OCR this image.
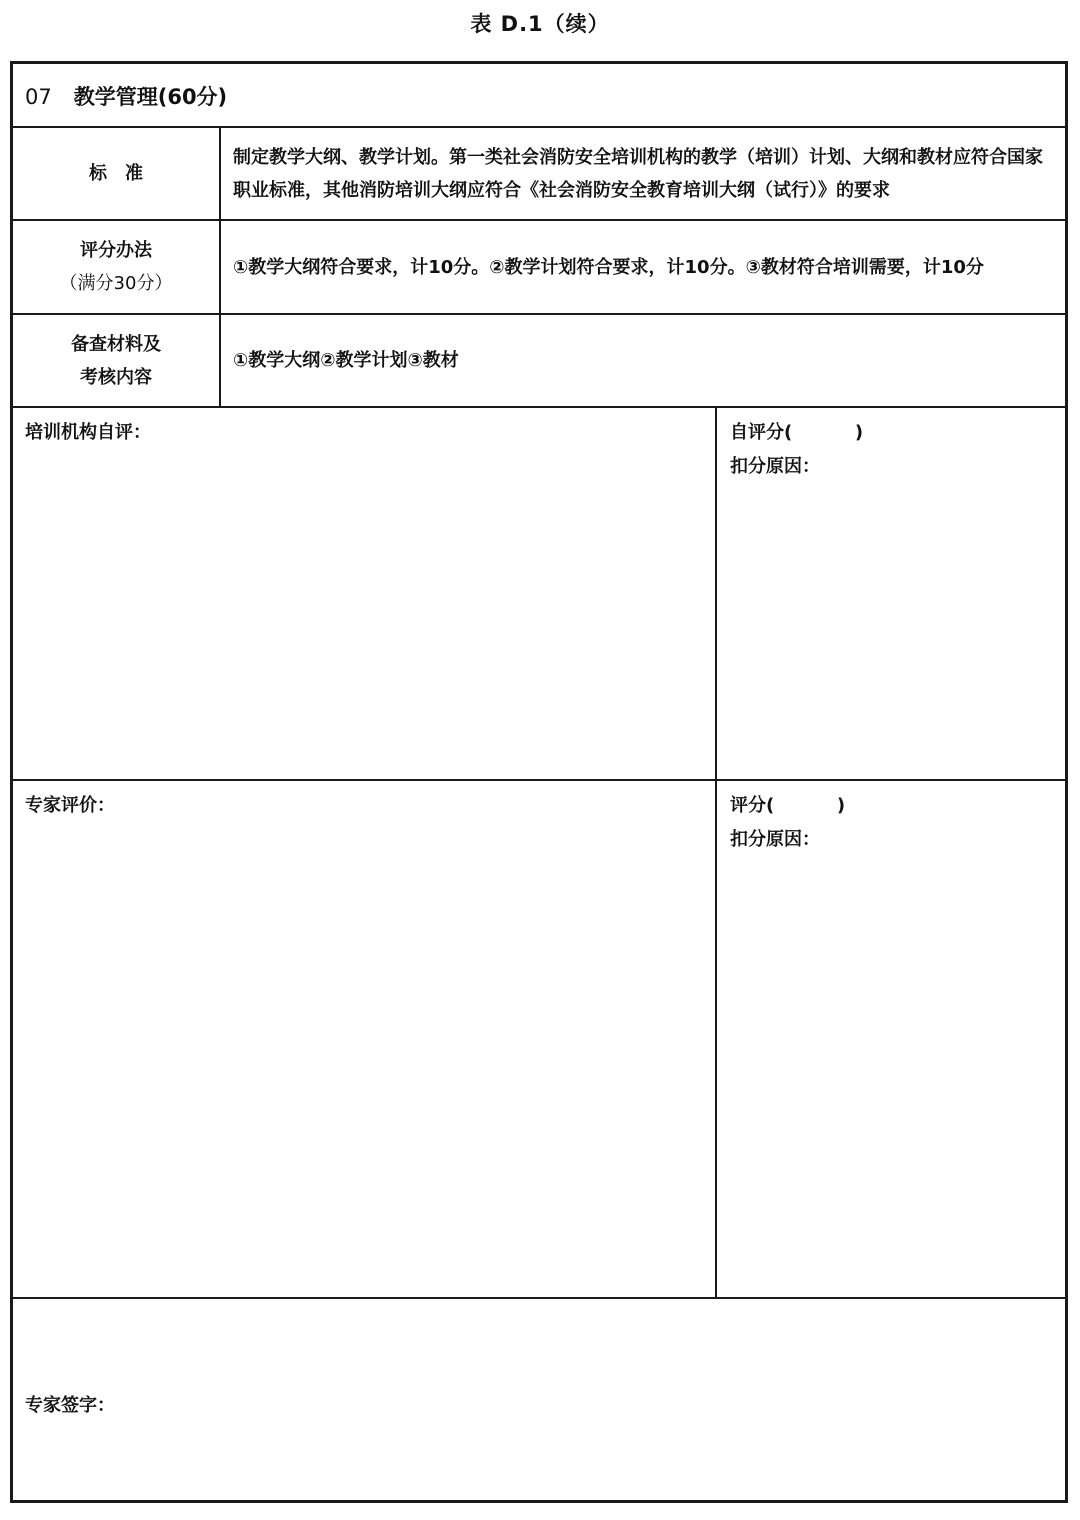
表 D.1（续）
07 教学管理(60分)
标　准
制定教学大纲、教学计划。第一类社会消防安全培训机构的教学（培训）计划、大纲和教材应符合国家职业标准，其他消防培训大纲应符合《社会消防安全教育培训大纲（试行）》的要求
评分办法
（满分30分）
①教学大纲符合要求，计10分。②教学计划符合要求，计10分。③教材符合培训需要，计10分
备查材料及
考核内容
①教学大纲②教学计划③教材
培训机构自评：	自评分(          )
扣分原因：
专家评价：	评分(          )
扣分原因：
专家签字：
